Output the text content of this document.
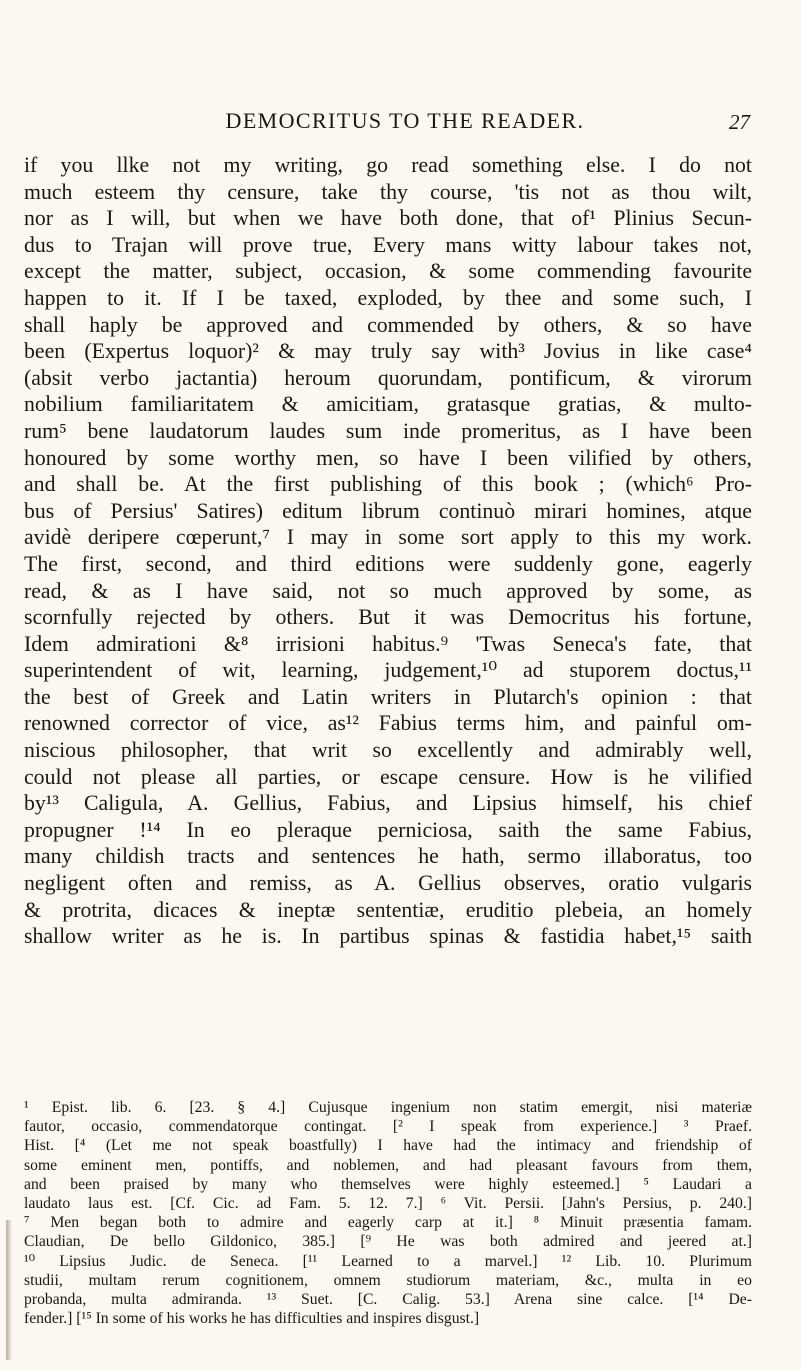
DEMOCRITUS TO THE READER.	27
if you llke not my writing, go read something else. I do not
much esteem thy censure, take thy course, 'tis not as thou wilt,
nor as I will, but when we have both done, that of¹ Plinius Secun-
dus to Trajan will prove true, Every mans witty labour takes not,
except the matter, subject, occasion, & some commending favourite
happen to it. If I be taxed, exploded, by thee and some such, I
shall haply be approved and commended by others, & so have
been (Expertus loquor)² & may truly say with³ Jovius in like case⁴
(absit verbo jactantia) heroum quorundam, pontificum, & virorum
nobilium familiaritatem & amicitiam, gratasque gratias, & multo-
rum⁵ bene laudatorum laudes sum inde promeritus, as I have been
honoured by some worthy men, so have I been vilified by others,
and shall be. At the first publishing of this book ; (which⁶ Pro-
bus of Persius' Satires) editum librum continuò mirari homines, atque
avidè deripere cœperunt,⁷ I may in some sort apply to this my work.
The first, second, and third editions were suddenly gone, eagerly
read, & as I have said, not so much approved by some, as
scornfully rejected by others. But it was Democritus his fortune,
Idem admirationi &⁸ irrisioni habitus.⁹ 'Twas Seneca's fate, that
superintendent of wit, learning, judgement,¹⁰ ad stuporem doctus,¹¹
the best of Greek and Latin writers in Plutarch's opinion : that
renowned corrector of vice, as¹² Fabius terms him, and painful om-
niscious philosopher, that writ so excellently and admirably well,
could not please all parties, or escape censure. How is he vilified
by¹³ Caligula, A. Gellius, Fabius, and Lipsius himself, his chief
propugner !¹⁴ In eo pleraque perniciosa, saith the same Fabius,
many childish tracts and sentences he hath, sermo illaboratus, too
negligent often and remiss, as A. Gellius observes, oratio vulgaris
& protrita, dicaces & ineptæ sententiæ, eruditio plebeia, an homely
shallow writer as he is. In partibus spinas & fastidia habet,¹⁵ saith
¹ Epist. lib. 6. [23. § 4.] Cujusque ingenium non statim emergit, nisi materiæ
fautor, occasio, commendatorque contingat. [² I speak from experience.] ³ Praef.
Hist. [⁴ (Let me not speak boastfully) I have had the intimacy and friendship of
some eminent men, pontiffs, and noblemen, and had pleasant favours from them,
and been praised by many who themselves were highly esteemed.] ⁵ Laudari a
laudato laus est. [Cf. Cic. ad Fam. 5. 12. 7.] ⁶ Vit. Persii. [Jahn's Persius, p. 240.]
⁷ Men began both to admire and eagerly carp at it.] ⁸ Minuit præsentia famam.
Claudian, De bello Gildonico, 385.] [⁹ He was both admired and jeered at.]
¹⁰ Lipsius Judic. de Seneca. [¹¹ Learned to a marvel.] ¹² Lib. 10. Plurimum
studii, multam rerum cognitionem, omnem studiorum materiam, &c., multa in eo
probanda, multa admiranda. ¹³ Suet. [C. Calig. 53.] Arena sine calce. [¹⁴ De-
fender.] [¹⁵ In some of his works he has difficulties and inspires disgust.]
